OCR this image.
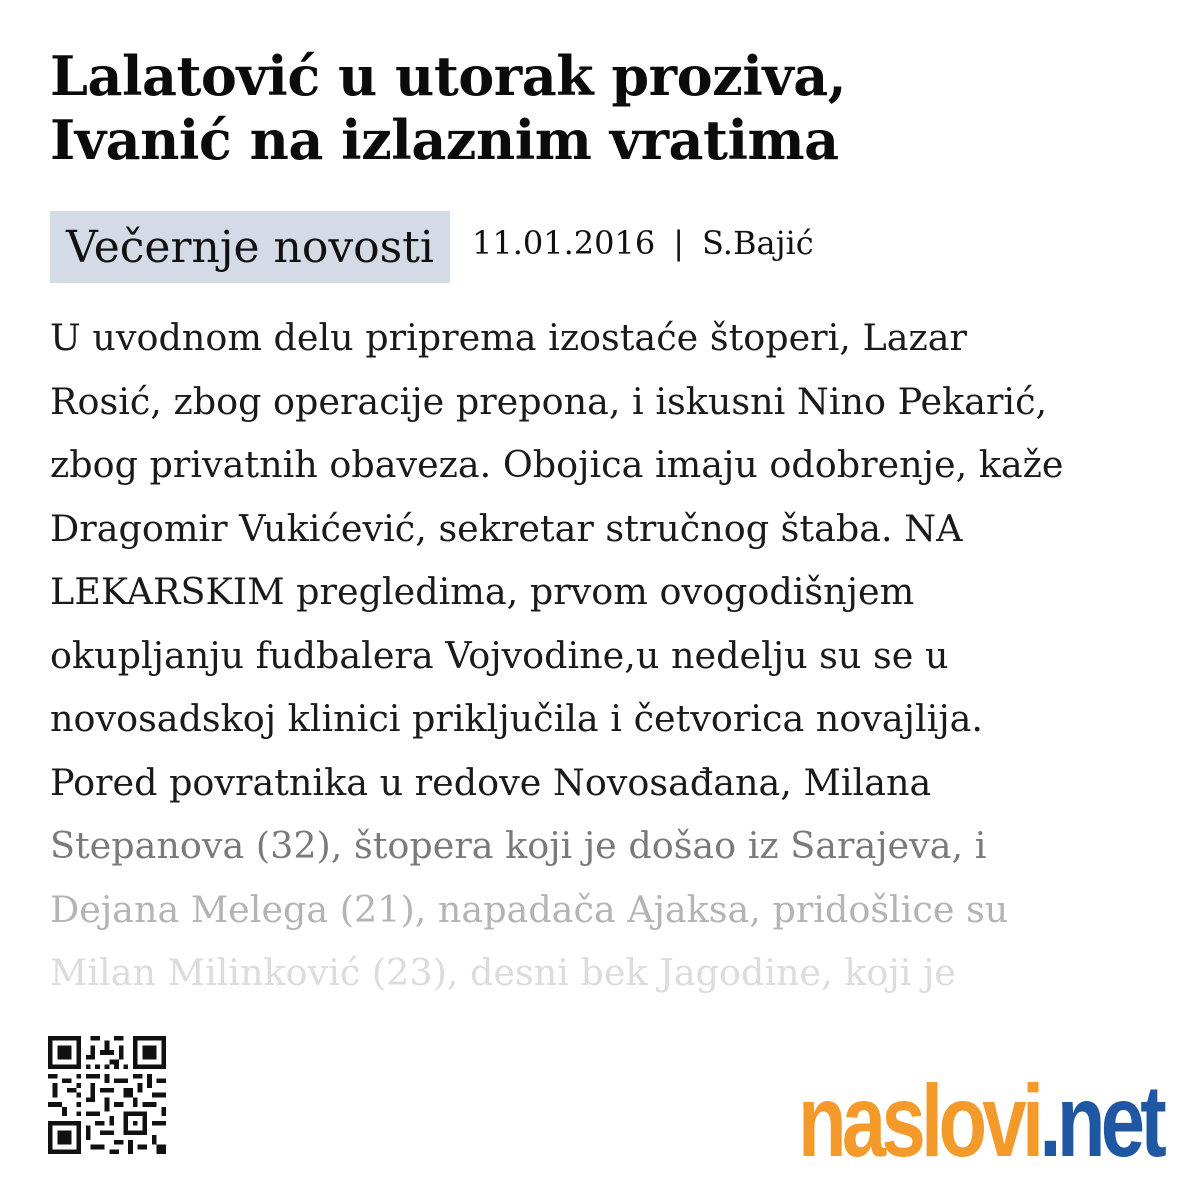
Lalatović u utorak proziva,
Ivanić na izlaznim vratima
Večernje novosti	11.01.2016 | S.Bajić
U uvodnom delu priprema izostaće štoperi, Lazar
Rosić, zbog operacije prepona, i iskusni Nino Pekarić,
zbog privatnih obaveza. Obojica imaju odobrenje, kaže
Dragomir Vukićević, sekretar stručnog štaba. NA
LEKARSKIM pregledima, prvom ovogodišnjem
okupljanju fudbalera Vojvodine,u nedelju su se u
novosadskoj klinici priključila i četvorica novajlija.
Pored povratnika u redove Novosađana, Milana
Stepanova (32), štopera koji je došao iz Sarajeva, i
Dejana Melega (21), napadača Ajaksa, pridošlice su
Milan Milinković (23), desni bek Jagodine, koji je
naslovi .net
